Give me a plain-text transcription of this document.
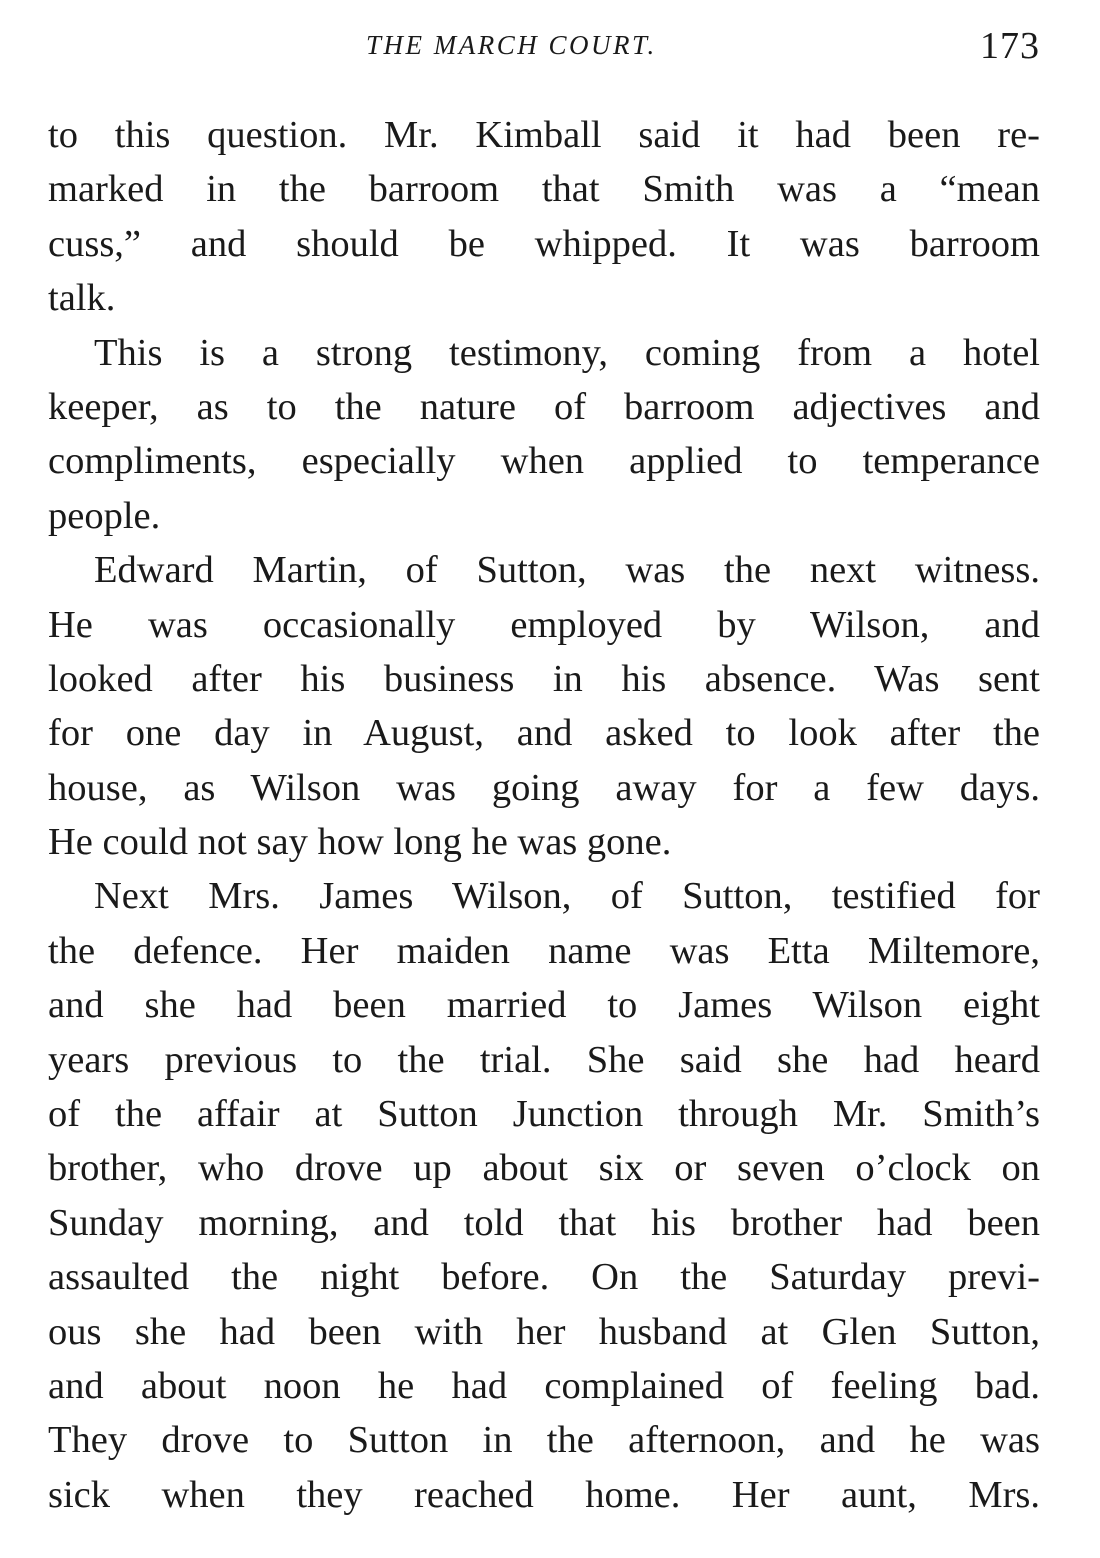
THE MARCH COURT.	173
to this question. Mr. Kimball said it had been re-
marked in the barroom that Smith was a “mean
cuss,” and should be whipped. It was barroom
talk.
This is a strong testimony, coming from a hotel
keeper, as to the nature of barroom adjectives and
compliments, especially when applied to temperance
people.
Edward Martin, of Sutton, was the next witness.
He was occasionally employed by Wilson, and
looked after his business in his absence. Was sent
for one day in August, and asked to look after the
house, as Wilson was going away for a few days.
He could not say how long he was gone.
Next Mrs. James Wilson, of Sutton, testified for
the defence. Her maiden name was Etta Miltemore,
and she had been married to James Wilson eight
years previous to the trial. She said she had heard
of the affair at Sutton Junction through Mr. Smith’s
brother, who drove up about six or seven o’clock on
Sunday morning, and told that his brother had been
assaulted the night before. On the Saturday previ-
ous she had been with her husband at Glen Sutton,
and about noon he had complained of feeling bad.
They drove to Sutton in the afternoon, and he was
sick when they reached home. Her aunt, Mrs.
